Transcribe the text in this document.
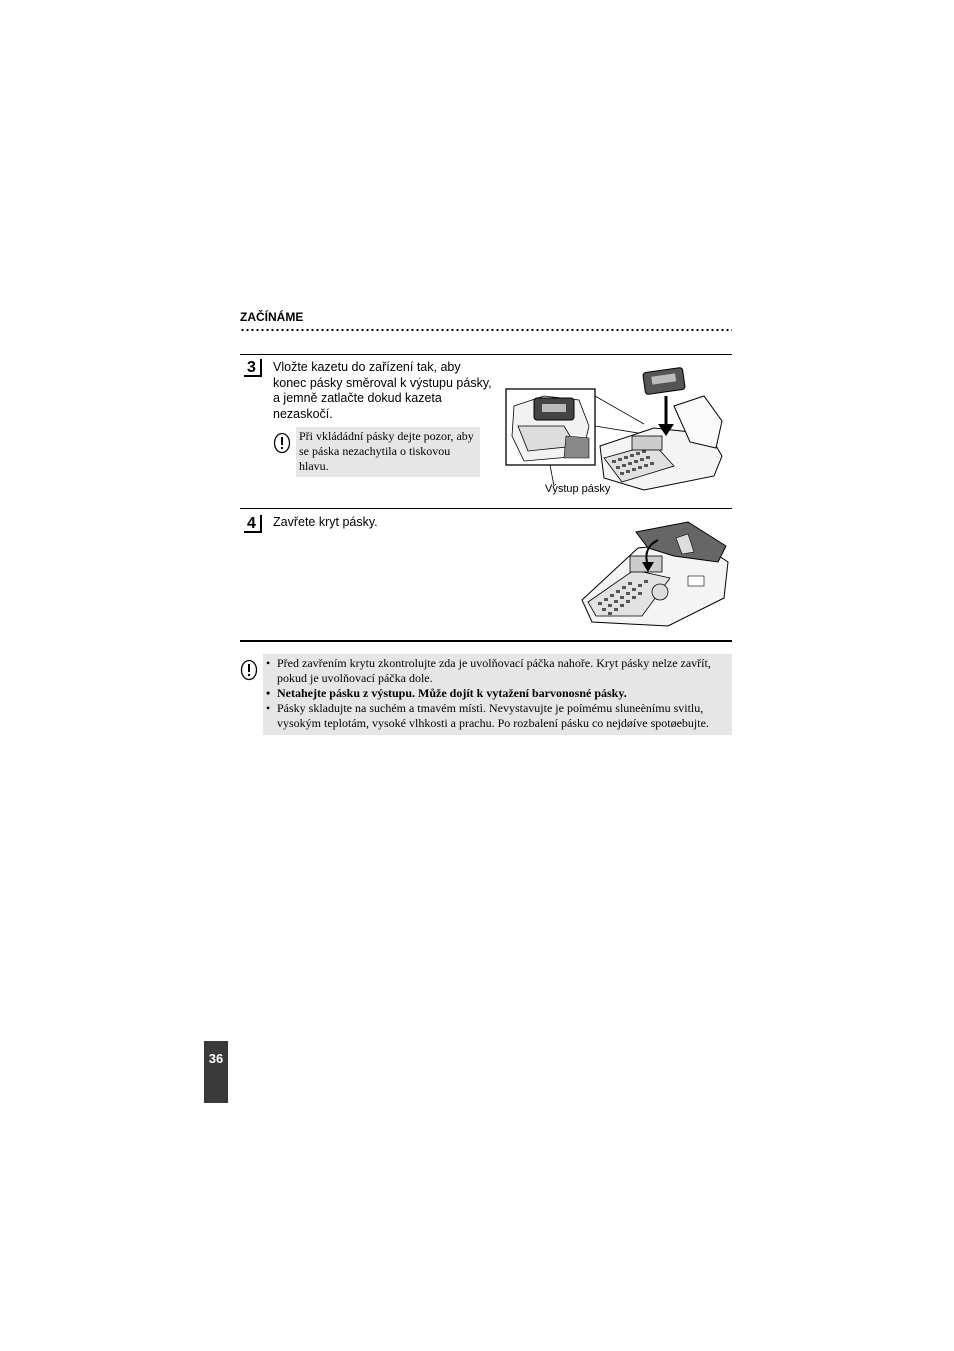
ZAČÍNÁME
3	Vložte kazetu do zařízení tak, aby konec pásky směroval k výstupu pásky, a jemně zatlačte dokud kazeta nezaskočí.
Při vkládádní pásky dejte pozor, aby se páska nezachytila o tiskovou hlavu.
Výstup pásky
4	Zavřete kryt pásky.
• Před zavřením krytu zkontrolujte zda je uvolňovací páčka nahoře. Kryt pásky nelze zavřít, pokud je uvolňovací páčka dole.
• Netahejte pásku z výstupu. Může dojít k vytažení barvonosné pásky.
• Pásky skladujte na suchém a tmavém místì. Nevystavujte je poímému sluneènímu svitlu, vysokým teplotám, vysoké vlhkosti a prachu. Po rozbalení pásku co nejdøíve spotøebujte.
36
